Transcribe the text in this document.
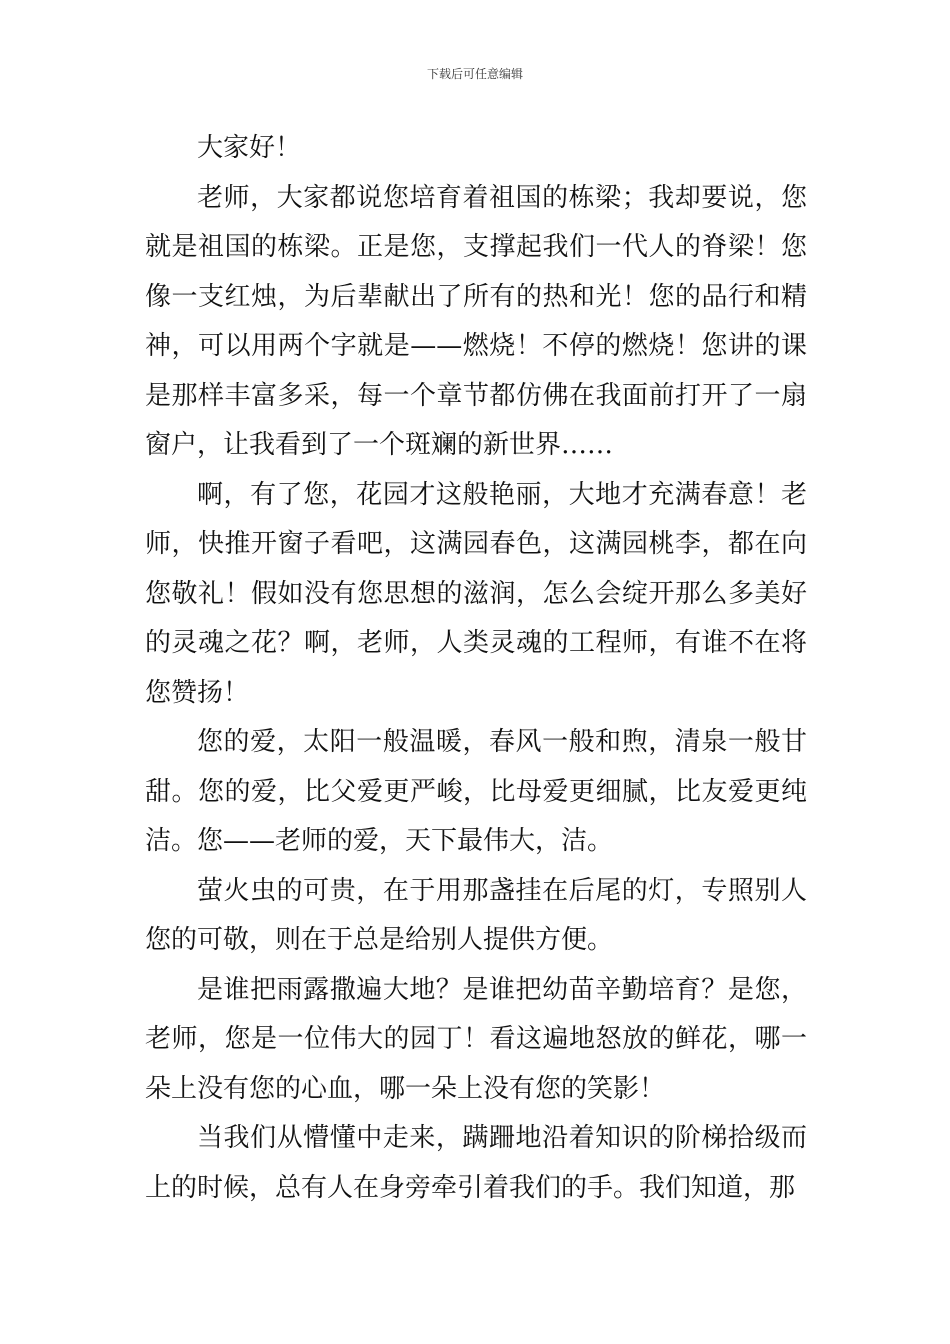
下载后可任意编辑

大家好！

老师，大家都说您培育着祖国的栋梁；我却要说，您就是祖国的栋梁。正是您，支撑起我们一代人的脊梁！您像一支红烛，为后辈献出了所有的热和光！您的品行和精神，可以用两个字就是——燃烧！不停的燃烧！您讲的课是那样丰富多采，每一个章节都仿佛在我面前打开了一扇窗户，让我看到了一个斑斓的新世界……

啊，有了您，花园才这般艳丽，大地才充满春意！老师，快推开窗子看吧，这满园春色，这满园桃李，都在向您敬礼！假如没有您思想的滋润，怎么会绽开那么多美好的灵魂之花？啊，老师，人类灵魂的工程师，有谁不在将您赞扬！

您的爱，太阳一般温暖，春风一般和煦，清泉一般甘甜。您的爱，比父爱更严峻，比母爱更细腻，比友爱更纯洁。您——老师的爱，天下最伟大，洁。

萤火虫的可贵，在于用那盏挂在后尾的灯，专照别人您的可敬，则在于总是给别人提供方便。

是谁把雨露撒遍大地？是谁把幼苗辛勤培育？是您，老师，您是一位伟大的园丁！看这遍地怒放的鲜花，哪一朵上没有您的心血，哪一朵上没有您的笑影！

当我们从懵懂中走来，蹒跚地沿着知识的阶梯拾级而上的时候，总有人在身旁牵引着我们的手。我们知道，那
